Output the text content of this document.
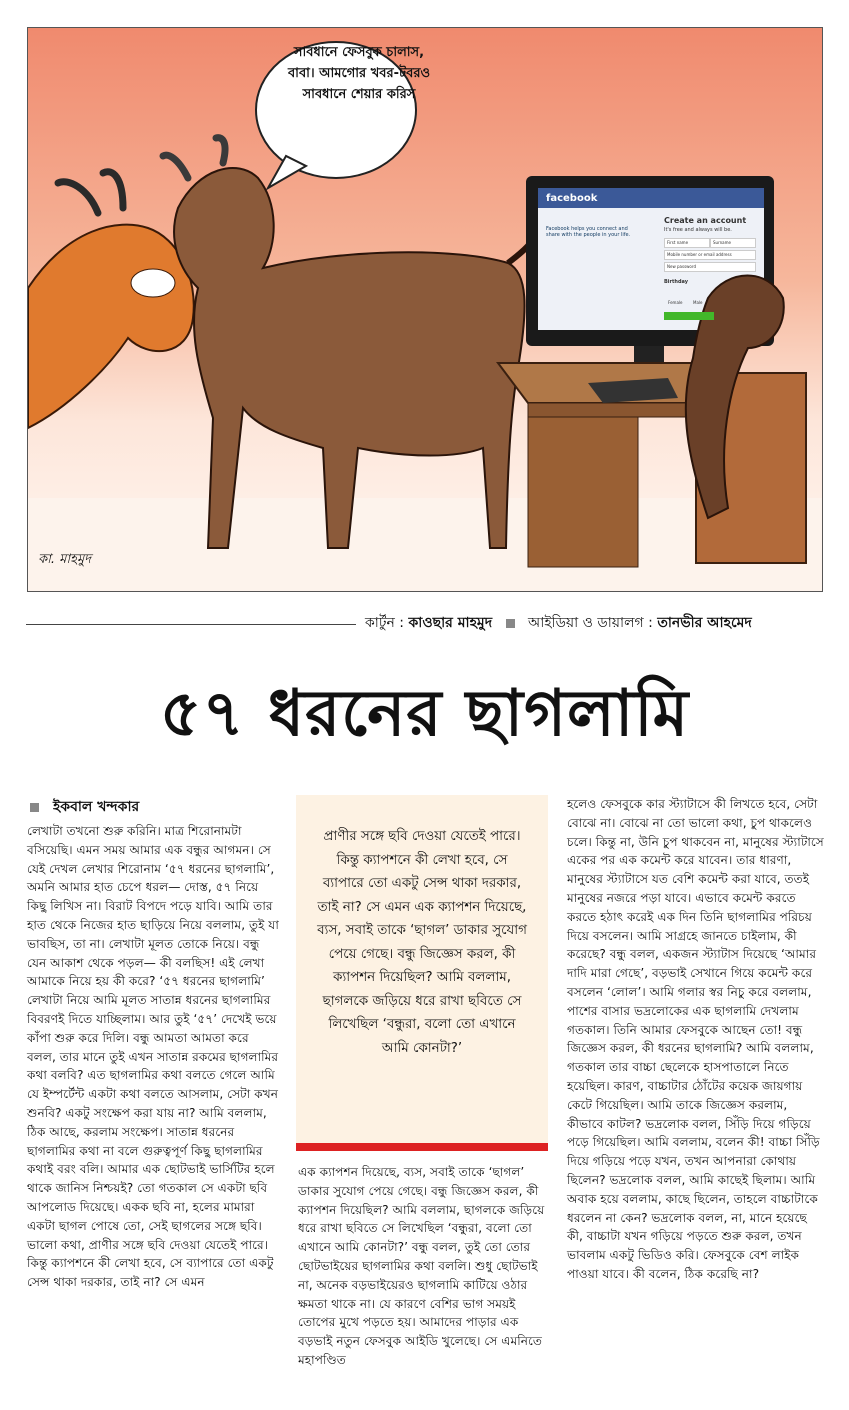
সাবধানে ফেসবুক চালাস, বাবা। আমগোর খবর-টবরও সাবধানে শেয়ার করিস
facebook
Facebook helps you connect and share with the people in your life.
Create an account
It's free and always will be.
First name	Surname
Mobile number or email address
New password
Birthday
Female	Male
কা. মাহমুদ
কার্টুন : কাওছার মাহমুদ	আইডিয়া ও ডায়ালগ : তানভীর আহমেদ
৫৭ ধরনের ছাগলামি
ইকবাল খন্দকার

লেখাটা তখনো শুরু করিনি। মাত্র শিরোনামটা বসিয়েছি। এমন সময় আমার এক বন্ধুর আগমন। সে যেই দেখল লেখার শিরোনাম ‘৫৭ ধরনের ছাগলামি’, অমনি আমার হাত চেপে ধরল— দোস্ত, ৫৭ নিয়ে কিছু লিখিস না। বিরাট বিপদে পড়ে যাবি। আমি তার হাত থেকে নিজের হাত ছাড়িয়ে নিয়ে বললাম, তুই যা ভাবছিস, তা না। লেখাটা মূলত তোকে নিয়ে। বন্ধু যেন আকাশ থেকে পড়ল— কী বলছিস! এই লেখা আমাকে নিয়ে হয় কী করে? ‘৫৭ ধরনের ছাগলামি’ লেখাটা নিয়ে আমি মূলত সাতান্ন ধরনের ছাগলামির বিবরণই দিতে যাচ্ছিলাম। আর তুই ‘৫৭’ দেখেই ভয়ে কাঁপা শুরু করে দিলি। বন্ধু আমতা আমতা করে বলল, তার মানে তুই এখন সাতান্ন রকমের ছাগলামির কথা বলবি? এত ছাগলামির কথা বলতে গেলে আমি যে ইম্পর্টেন্ট একটা কথা বলতে আসলাম, সেটা কখন শুনবি? একটু সংক্ষেপ করা যায় না? আমি বললাম, ঠিক আছে, করলাম সংক্ষেপ। সাতান্ন ধরনের ছাগলামির কথা না বলে গুরুত্বপূর্ণ কিছু ছাগলামির কথাই বরং বলি। আমার এক ছোটভাই ভার্সিটির হলে থাকে জানিস নিশ্চয়ই? তো গতকাল সে একটা ছবি আপলোড দিয়েছে। একক ছবি না, হলের মামারা একটা ছাগল পোষে তো, সেই ছাগলের সঙ্গে ছবি। ভালো কথা, প্রাণীর সঙ্গে ছবি দেওয়া যেতেই পারে। কিন্তু ক্যাপশনে কী লেখা হবে, সে ব্যাপারে তো একটু সেন্স থাকা দরকার, তাই না? সে এমন

প্রাণীর সঙ্গে ছবি দেওয়া যেতেই পারে। কিন্তু ক্যাপশনে কী লেখা হবে, সে ব্যাপারে তো একটু সেন্স থাকা দরকার, তাই না? সে এমন এক ক্যাপশন দিয়েছে, ব্যস, সবাই তাকে ‘ছাগল’ ডাকার সুযোগ পেয়ে গেছে। বন্ধু জিজ্ঞেস করল, কী ক্যাপশন দিয়েছিল? আমি বললাম, ছাগলকে জড়িয়ে ধরে রাখা ছবিতে সে লিখেছিল ‘বন্ধুরা, বলো তো এখানে আমি কোনটা?’

এক ক্যাপশন দিয়েছে, ব্যস, সবাই তাকে ‘ছাগল’ ডাকার সুযোগ পেয়ে গেছে। বন্ধু জিজ্ঞেস করল, কী ক্যাপশন দিয়েছিল? আমি বললাম, ছাগলকে জড়িয়ে ধরে রাখা ছবিতে সে লিখেছিল ‘বন্ধুরা, বলো তো এখানে আমি কোনটা?’ বন্ধু বলল, তুই তো তোর ছোটভাইয়ের ছাগলামির কথা বললি। শুধু ছোটভাই না, অনেক বড়ভাইয়েরও ছাগলামি কাটিয়ে ওঠার ক্ষমতা থাকে না। যে কারণে বেশির ভাগ সময়ই তোপের মুখে পড়তে হয়। আমাদের পাড়ার এক বড়ভাই নতুন ফেসবুক আইডি খুলেছে। সে এমনিতে মহাপণ্ডিত

হলেও ফেসবুকে কার স্ট্যাটাসে কী লিখতে হবে, সেটা বোঝে না। বোঝে না তো ভালো কথা, চুপ থাকলেও চলে। কিন্তু না, উনি চুপ থাকবেন না, মানুষের স্ট্যাটাসে একের পর এক কমেন্ট করে যাবেন। তার ধারণা, মানুষের স্ট্যাটাসে যত বেশি কমেন্ট করা যাবে, ততই মানুষের নজরে পড়া যাবে। এভাবে কমেন্ট করতে করতে হঠাৎ করেই এক দিন তিনি ছাগলামির পরিচয় দিয়ে বসলেন। আমি সাগ্রহে জানতে চাইলাম, কী করেছে? বন্ধু বলল, একজন স্ট্যাটাস দিয়েছে ‘আমার দাদি মারা গেছে’, বড়ভাই সেখানে গিয়ে কমেন্ট করে বসলেন ‘লোল’। আমি গলার স্বর নিচু করে বললাম, পাশের বাসার ভদ্রলোকের এক ছাগলামি দেখলাম গতকাল। তিনি আমার ফেসবুকে আছেন তো! বন্ধু জিজ্ঞেস করল, কী ধরনের ছাগলামি? আমি বললাম, গতকাল তার বাচ্চা ছেলেকে হাসপাতালে নিতে হয়েছিল। কারণ, বাচ্চাটার ঠোঁটের কয়েক জায়গায় কেটে গিয়েছিল। আমি তাকে জিজ্ঞেস করলাম, কীভাবে কাটল? ভদ্রলোক বলল, সিঁড়ি দিয়ে গড়িয়ে পড়ে গিয়েছিল। আমি বললাম, বলেন কী! বাচ্চা সিঁড়ি দিয়ে গড়িয়ে পড়ে যখন, তখন আপনারা কোথায় ছিলেন? ভদ্রলোক বলল, আমি কাছেই ছিলাম। আমি অবাক হয়ে বললাম, কাছে ছিলেন, তাহলে বাচ্চাটাকে ধরলেন না কেন? ভদ্রলোক বলল, না, মানে হয়েছে কী, বাচ্চাটা যখন গড়িয়ে পড়তে শুরু করল, তখন ভাবলাম একটু ভিডিও করি। ফেসবুকে বেশ লাইক পাওয়া যাবে। কী বলেন, ঠিক করেছি না?
